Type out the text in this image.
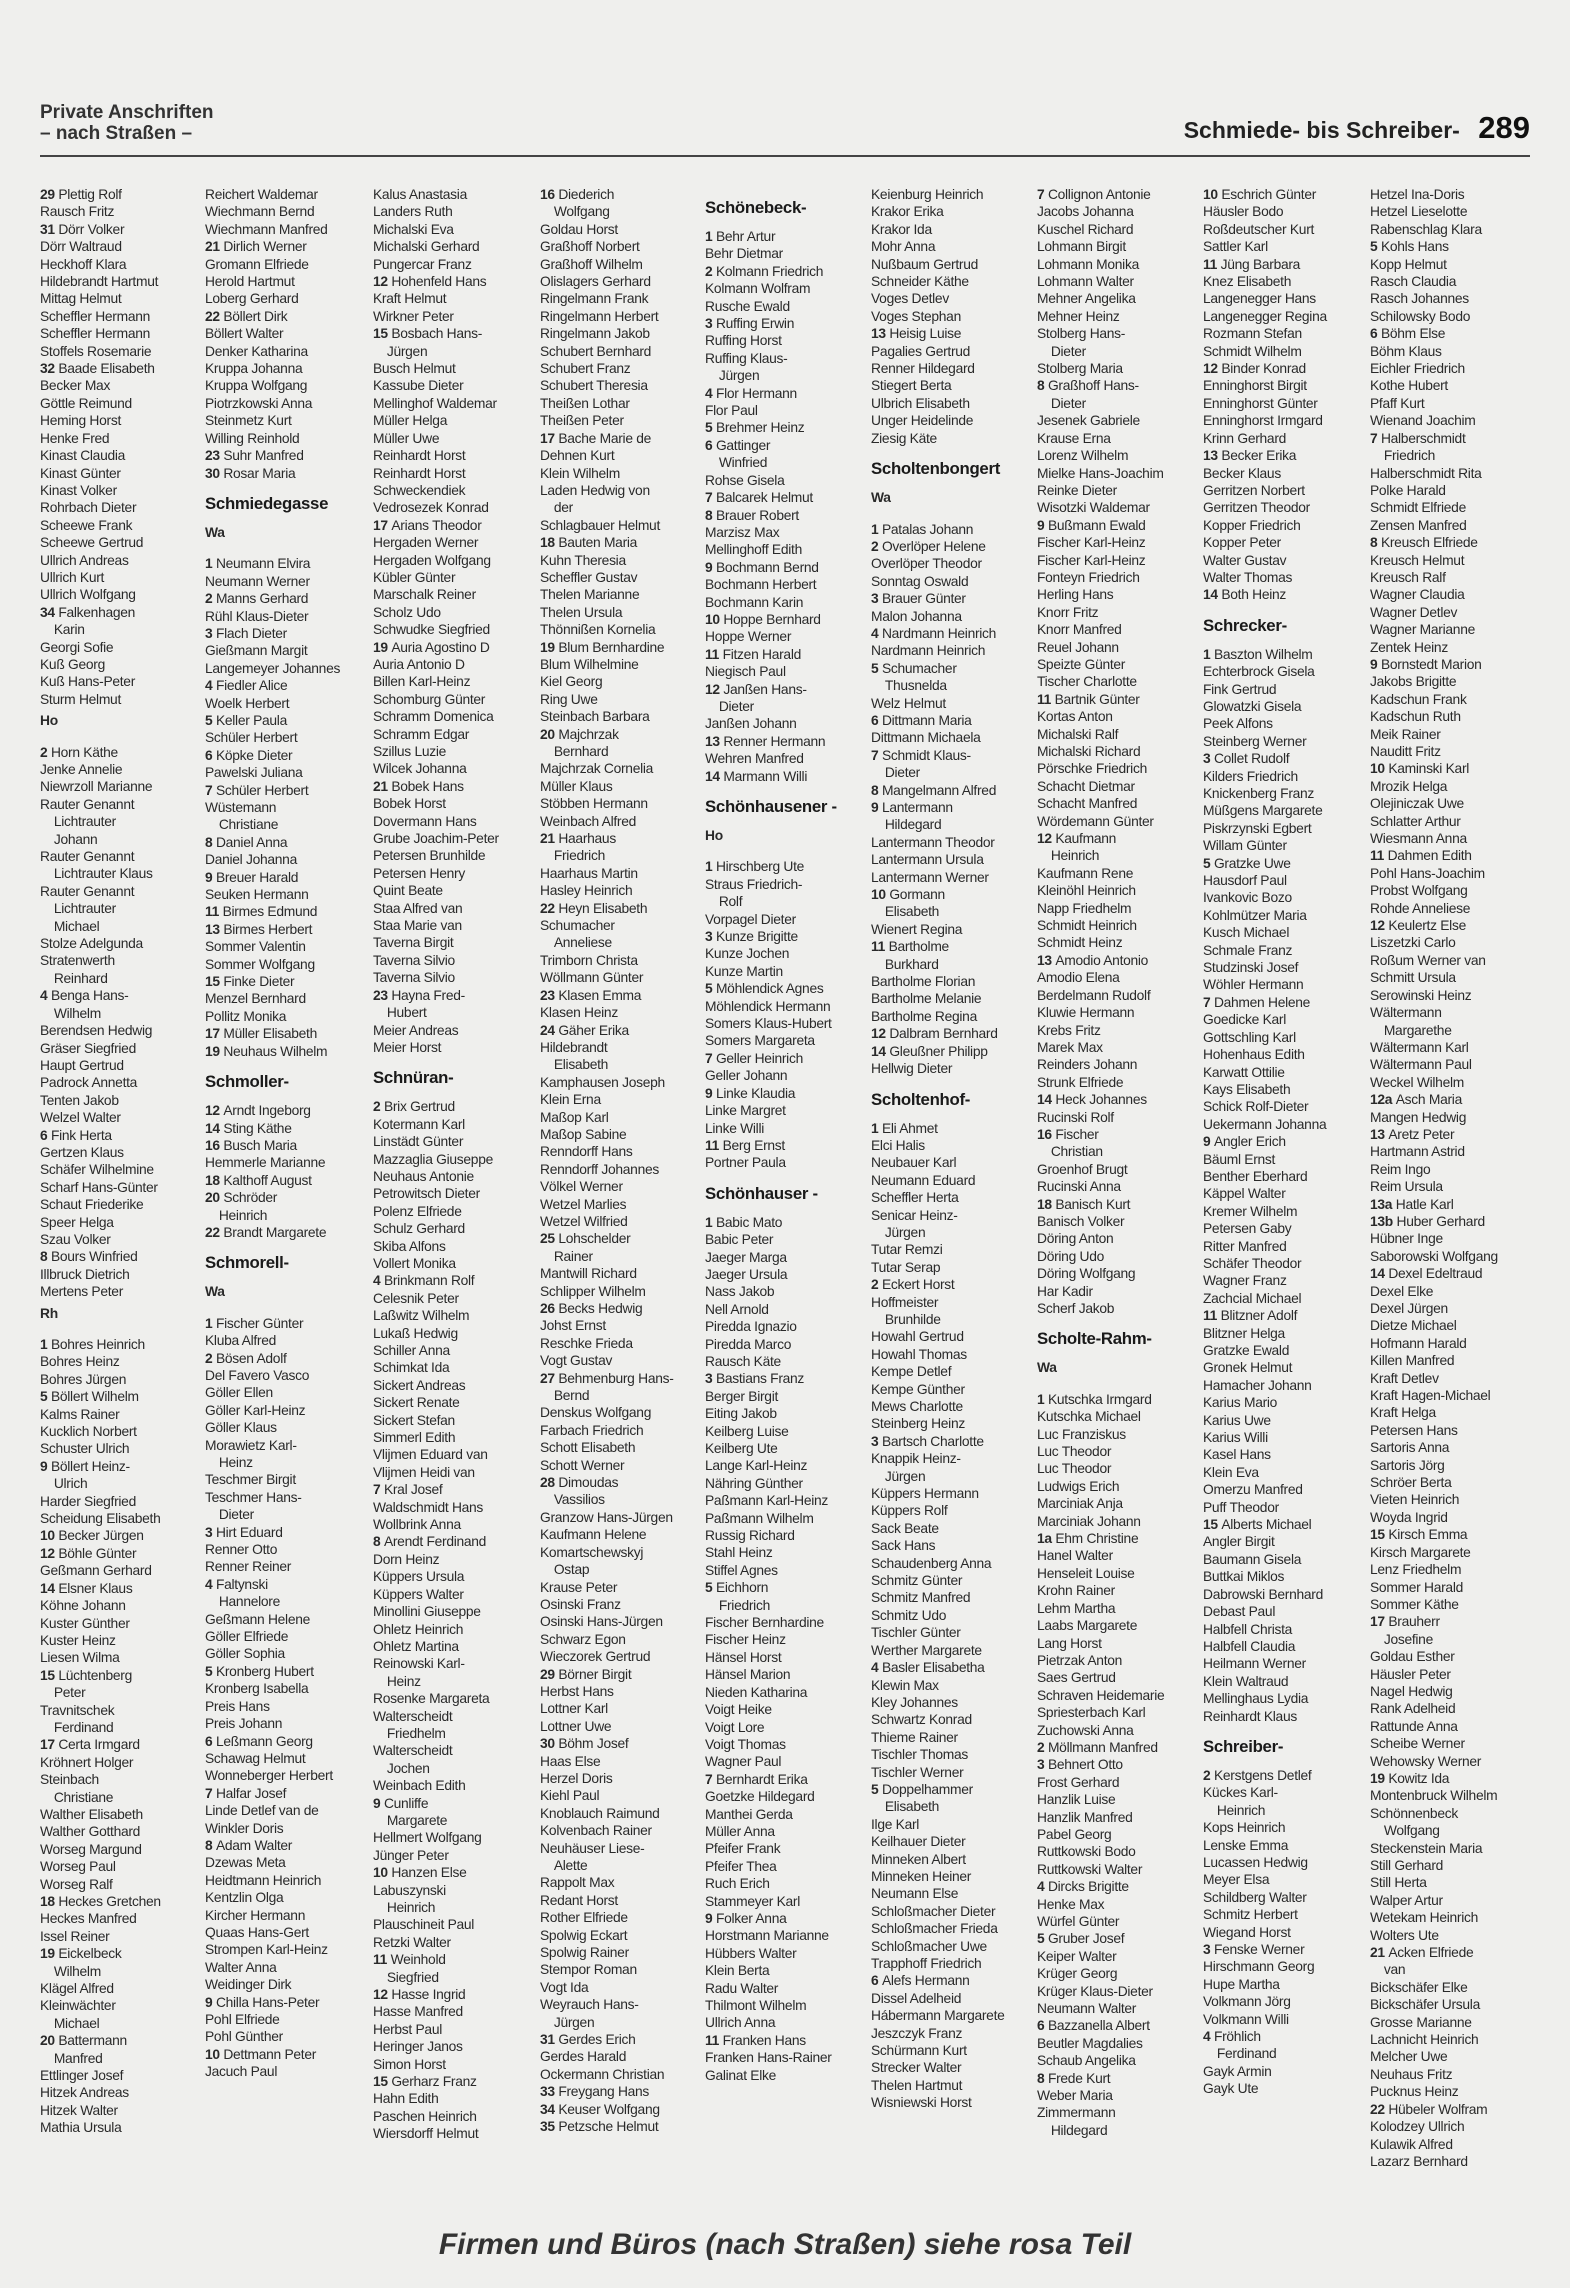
Private Anschriften
– nach Straßen –	Schmiede- bis Schreiber- 289
29 Plettig Rolf
Rausch Fritz
31 Dörr Volker
Dörr Waltraud
Heckhoff Klara
Hildebrandt Hartmut
Mittag Helmut
Scheffler Hermann
Scheffler Hermann
Stoffels Rosemarie
32 Baade Elisabeth
Becker Max
Göttle Reimund
Heming Horst
Henke Fred
Kinast Claudia
Kinast Günter
Kinast Volker
Rohrbach Dieter
Scheewe Frank
Scheewe Gertrud
Ullrich Andreas
Ullrich Kurt
Ullrich Wolfgang
34 Falkenhagen
Karin
Georgi Sofie
Kuß Georg
Kuß Hans-Peter
Sturm Helmut
Ho
2 Horn Käthe
Jenke Annelie
Niewrzoll Marianne
Rauter Genannt
Lichtrauter
Johann
Rauter Genannt
Lichtrauter Klaus
Rauter Genannt
Lichtrauter
Michael
Stolze Adelgunda
Stratenwerth
Reinhard
4 Benga Hans-
Wilhelm
Berendsen Hedwig
Gräser Siegfried
Haupt Gertrud
Padrock Annetta
Tenten Jakob
Welzel Walter
6 Fink Herta
Gertzen Klaus
Schäfer Wilhelmine
Scharf Hans-Günter
Schaut Friederike
Speer Helga
Szau Volker
8 Bours Winfried
Illbruck Dietrich
Mertens Peter
Rh
1 Bohres Heinrich
Bohres Heinz
Bohres Jürgen
5 Böllert Wilhelm
Kalms Rainer
Kucklich Norbert
Schuster Ulrich
9 Böllert Heinz-
Ulrich
Harder Siegfried
Scheidung Elisabeth
10 Becker Jürgen
12 Böhle Günter
Geßmann Gerhard
14 Elsner Klaus
Köhne Johann
Kuster Günther
Kuster Heinz
Liesen Wilma
15 Lüchtenberg
Peter
Travnitschek
Ferdinand
17 Certa Irmgard
Kröhnert Holger
Steinbach
Christiane
Walther Elisabeth
Walther Gotthard
Worseg Margund
Worseg Paul
Worseg Ralf
18 Heckes Gretchen
Heckes Manfred
Issel Reiner
19 Eickelbeck
Wilhelm
Klägel Alfred
Kleinwächter
Michael
20 Battermann
Manfred
Ettlinger Josef
Hitzek Andreas
Hitzek Walter
Mathia Ursula
Reichert Waldemar
Wiechmann Bernd
Wiechmann Manfred
21 Dirlich Werner
Gromann Elfriede
Herold Hartmut
Loberg Gerhard
22 Böllert Dirk
Böllert Walter
Denker Katharina
Kruppa Johanna
Kruppa Wolfgang
Piotrzkowski Anna
Steinmetz Kurt
Willing Reinhold
23 Suhr Manfred
30 Rosar Maria
Schmiedegasse
Wa
1 Neumann Elvira
Neumann Werner
2 Manns Gerhard
Rühl Klaus-Dieter
3 Flach Dieter
Gießmann Margit
Langemeyer Johannes
4 Fiedler Alice
Woelk Herbert
5 Keller Paula
Schüler Herbert
6 Köpke Dieter
Pawelski Juliana
7 Schüler Herbert
Wüstemann
Christiane
8 Daniel Anna
Daniel Johanna
9 Breuer Harald
Seuken Hermann
11 Birmes Edmund
13 Birmes Herbert
Sommer Valentin
Sommer Wolfgang
15 Finke Dieter
Menzel Bernhard
Pollitz Monika
17 Müller Elisabeth
19 Neuhaus Wilhelm
Schmoller-
12 Arndt Ingeborg
14 Sting Käthe
16 Busch Maria
Hemmerle Marianne
18 Kalthoff August
20 Schröder
Heinrich
22 Brandt Margarete
Schmorell-
Wa
1 Fischer Günter
Kluba Alfred
2 Bösen Adolf
Del Favero Vasco
Göller Ellen
Göller Karl-Heinz
Göller Klaus
Morawietz Karl-
Heinz
Teschmer Birgit
Teschmer Hans-
Dieter
3 Hirt Eduard
Renner Otto
Renner Reiner
4 Faltynski
Hannelore
Geßmann Helene
Göller Elfriede
Göller Sophia
5 Kronberg Hubert
Kronberg Isabella
Preis Hans
Preis Johann
6 Leßmann Georg
Schawag Helmut
Wonneberger Herbert
7 Halfar Josef
Linde Detlef van de
Winkler Doris
8 Adam Walter
Dzewas Meta
Heidtmann Heinrich
Kentzlin Olga
Kircher Hermann
Quaas Hans-Gert
Strompen Karl-Heinz
Walter Anna
Weidinger Dirk
9 Chilla Hans-Peter
Pohl Elfriede
Pohl Günther
10 Dettmann Peter
Jacuch Paul
Kalus Anastasia
Landers Ruth
Michalski Eva
Michalski Gerhard
Pungercar Franz
12 Hohenfeld Hans
Kraft Helmut
Wirkner Peter
15 Bosbach Hans-
Jürgen
Busch Helmut
Kassube Dieter
Mellinghof Waldemar
Müller Helga
Müller Uwe
Reinhardt Horst
Reinhardt Horst
Schweckendiek
Vedrosezek Konrad
17 Arians Theodor
Hergaden Werner
Hergaden Wolfgang
Kübler Günter
Marschalk Reiner
Scholz Udo
Schwudke Siegfried
19 Auria Agostino D
Auria Antonio D
Billen Karl-Heinz
Schomburg Günter
Schramm Domenica
Schramm Edgar
Szillus Luzie
Wilcek Johanna
21 Bobek Hans
Bobek Horst
Dovermann Hans
Grube Joachim-Peter
Petersen Brunhilde
Petersen Henry
Quint Beate
Staa Alfred van
Staa Marie van
Taverna Birgit
Taverna Silvio
Taverna Silvio
23 Hayna Fred-
Hubert
Meier Andreas
Meier Horst
Schnüran-
2 Brix Gertrud
Kotermann Karl
Linstädt Günter
Mazzaglia Giuseppe
Neuhaus Antonie
Petrowitsch Dieter
Polenz Elfriede
Schulz Gerhard
Skiba Alfons
Vollert Monika
4 Brinkmann Rolf
Celesnik Peter
Laßwitz Wilhelm
Lukaß Hedwig
Schiller Anna
Schimkat Ida
Sickert Andreas
Sickert Renate
Sickert Stefan
Simmerl Edith
Vlijmen Eduard van
Vlijmen Heidi van
7 Kral Josef
Waldschmidt Hans
Wollbrink Anna
8 Arendt Ferdinand
Dorn Heinz
Küppers Ursula
Küppers Walter
Minollini Giuseppe
Ohletz Heinrich
Ohletz Martina
Reinowski Karl-
Heinz
Rosenke Margareta
Walterscheidt
Friedhelm
Walterscheidt
Jochen
Weinbach Edith
9 Cunliffe
Margarete
Hellmert Wolfgang
Jünger Peter
10 Hanzen Else
Labuszynski
Heinrich
Plauschineit Paul
Retzki Walter
11 Weinhold
Siegfried
12 Hasse Ingrid
Hasse Manfred
Herbst Paul
Heringer Janos
Simon Horst
15 Gerharz Franz
Hahn Edith
Paschen Heinrich
Wiersdorff Helmut
16 Diederich
Wolfgang
Goldau Horst
Graßhoff Norbert
Graßhoff Wilhelm
Olislagers Gerhard
Ringelmann Frank
Ringelmann Herbert
Ringelmann Jakob
Schubert Bernhard
Schubert Franz
Schubert Theresia
Theißen Lothar
Theißen Peter
17 Bache Marie de
Dehnen Kurt
Klein Wilhelm
Laden Hedwig von
der
Schlagbauer Helmut
18 Bauten Maria
Kuhn Theresia
Scheffler Gustav
Thelen Marianne
Thelen Ursula
Thönnißen Kornelia
19 Blum Bernhardine
Blum Wilhelmine
Kiel Georg
Ring Uwe
Steinbach Barbara
20 Majchrzak
Bernhard
Majchrzak Cornelia
Müller Klaus
Stöbben Hermann
Weinbach Alfred
21 Haarhaus
Friedrich
Haarhaus Martin
Hasley Heinrich
22 Heyn Elisabeth
Schumacher
Anneliese
Trimborn Christa
Wöllmann Günter
23 Klasen Emma
Klasen Heinz
24 Gäher Erika
Hildebrandt
Elisabeth
Kamphausen Joseph
Klein Erna
Maßop Karl
Maßop Sabine
Renndorff Hans
Renndorff Johannes
Völkel Werner
Wetzel Marlies
Wetzel Wilfried
25 Lohschelder
Rainer
Mantwill Richard
Schlipper Wilhelm
26 Becks Hedwig
Johst Ernst
Reschke Frieda
Vogt Gustav
27 Behmenburg Hans-
Bernd
Denskus Wolfgang
Farbach Friedrich
Schott Elisabeth
Schott Werner
28 Dimoudas
Vassilios
Granzow Hans-Jürgen
Kaufmann Helene
Komartschewskyj
Ostap
Krause Peter
Osinski Franz
Osinski Hans-Jürgen
Schwarz Egon
Wieczorek Gertrud
29 Börner Birgit
Herbst Hans
Lottner Karl
Lottner Uwe
30 Böhm Josef
Haas Else
Herzel Doris
Kiehl Paul
Knoblauch Raimund
Kolvenbach Rainer
Neuhäuser Liese-
Alette
Rappolt Max
Redant Horst
Rother Elfriede
Spolwig Eckart
Spolwig Rainer
Stempor Roman
Vogt Ida
Weyrauch Hans-
Jürgen
31 Gerdes Erich
Gerdes Harald
Ockermann Christian
33 Freygang Hans
34 Keuser Wolfgang
35 Petzsche Helmut
Schönebeck-
1 Behr Artur
Behr Dietmar
2 Kolmann Friedrich
Kolmann Wolfram
Rusche Ewald
3 Ruffing Erwin
Ruffing Horst
Ruffing Klaus-
Jürgen
4 Flor Hermann
Flor Paul
5 Brehmer Heinz
6 Gattinger
Winfried
Rohse Gisela
7 Balcarek Helmut
8 Brauer Robert
Marzisz Max
Mellinghoff Edith
9 Bochmann Bernd
Bochmann Herbert
Bochmann Karin
10 Hoppe Bernhard
Hoppe Werner
11 Fitzen Harald
Niegisch Paul
12 Janßen Hans-
Dieter
Janßen Johann
13 Renner Hermann
Wehren Manfred
14 Marmann Willi
Schönhausener -
Ho
1 Hirschberg Ute
Straus Friedrich-
Rolf
Vorpagel Dieter
3 Kunze Brigitte
Kunze Jochen
Kunze Martin
5 Möhlendick Agnes
Möhlendick Hermann
Somers Klaus-Hubert
Somers Margareta
7 Geller Heinrich
Geller Johann
9 Linke Klaudia
Linke Margret
Linke Willi
11 Berg Ernst
Portner Paula
Schönhauser -
1 Babic Mato
Babic Peter
Jaeger Marga
Jaeger Ursula
Nass Jakob
Nell Arnold
Piredda Ignazio
Piredda Marco
Rausch Käte
3 Bastians Franz
Berger Birgit
Eiting Jakob
Keilberg Luise
Keilberg Ute
Lange Karl-Heinz
Nähring Günther
Paßmann Karl-Heinz
Paßmann Wilhelm
Russig Richard
Stahl Heinz
Stiffel Agnes
5 Eichhorn
Friedrich
Fischer Bernhardine
Fischer Heinz
Hänsel Horst
Hänsel Marion
Nieden Katharina
Voigt Heike
Voigt Lore
Voigt Thomas
Wagner Paul
7 Bernhardt Erika
Goetzke Hildegard
Manthei Gerda
Müller Anna
Pfeifer Frank
Pfeifer Thea
Ruch Erich
Stammeyer Karl
9 Folker Anna
Horstmann Marianne
Hübbers Walter
Klein Berta
Radu Walter
Thilmont Wilhelm
Ullrich Anna
11 Franken Hans
Franken Hans-Rainer
Galinat Elke
Keienburg Heinrich
Krakor Erika
Krakor Ida
Mohr Anna
Nußbaum Gertrud
Schneider Käthe
Voges Detlev
Voges Stephan
13 Heisig Luise
Pagalies Gertrud
Renner Hildegard
Stiegert Berta
Ulbrich Elisabeth
Unger Heidelinde
Ziesig Käte
Scholtenbongert
Wa
1 Patalas Johann
2 Overlöper Helene
Overlöper Theodor
Sonntag Oswald
3 Brauer Günter
Malon Johanna
4 Nardmann Heinrich
Nardmann Heinrich
5 Schumacher
Thusnelda
Welz Helmut
6 Dittmann Maria
Dittmann Michaela
7 Schmidt Klaus-
Dieter
8 Mangelmann Alfred
9 Lantermann
Hildegard
Lantermann Theodor
Lantermann Ursula
Lantermann Werner
10 Gormann
Elisabeth
Wienert Regina
11 Bartholme
Burkhard
Bartholme Florian
Bartholme Melanie
Bartholme Regina
12 Dalbram Bernhard
14 Gleußner Philipp
Hellwig Dieter
Scholtenhof-
1 Eli Ahmet
Elci Halis
Neubauer Karl
Neumann Eduard
Scheffler Herta
Senicar Heinz-
Jürgen
Tutar Remzi
Tutar Serap
2 Eckert Horst
Hoffmeister
Brunhilde
Howahl Gertrud
Howahl Thomas
Kempe Detlef
Kempe Günther
Mews Charlotte
Steinberg Heinz
3 Bartsch Charlotte
Knappik Heinz-
Jürgen
Küppers Hermann
Küppers Rolf
Sack Beate
Sack Hans
Schaudenberg Anna
Schmitz Günter
Schmitz Manfred
Schmitz Udo
Tischler Günter
Werther Margarete
4 Basler Elisabetha
Klewin Max
Kley Johannes
Schwartz Konrad
Thieme Rainer
Tischler Thomas
Tischler Werner
5 Doppelhammer
Elisabeth
Ilge Karl
Keilhauer Dieter
Minneken Albert
Minneken Heiner
Neumann Else
Schloßmacher Dieter
Schloßmacher Frieda
Schloßmacher Uwe
Trapphoff Friedrich
6 Alefs Hermann
Dissel Adelheid
Hábermann Margarete
Jeszczyk Franz
Schürmann Kurt
Strecker Walter
Thelen Hartmut
Wisniewski Horst
7 Collignon Antonie
Jacobs Johanna
Kuschel Richard
Lohmann Birgit
Lohmann Monika
Lohmann Walter
Mehner Angelika
Mehner Heinz
Stolberg Hans-
Dieter
Stolberg Maria
8 Graßhoff Hans-
Dieter
Jesenek Gabriele
Krause Erna
Lorenz Wilhelm
Mielke Hans-Joachim
Reinke Dieter
Wisotzki Waldemar
9 Bußmann Ewald
Fischer Karl-Heinz
Fischer Karl-Heinz
Fonteyn Friedrich
Herling Hans
Knorr Fritz
Knorr Manfred
Reuel Johann
Speizte Günter
Tischer Charlotte
11 Bartnik Günter
Kortas Anton
Michalski Ralf
Michalski Richard
Pörschke Friedrich
Schacht Dietmar
Schacht Manfred
Wördemann Günter
12 Kaufmann
Heinrich
Kaufmann Rene
Kleinöhl Heinrich
Napp Friedhelm
Schmidt Heinrich
Schmidt Heinz
13 Amodio Antonio
Amodio Elena
Berdelmann Rudolf
Kluwie Hermann
Krebs Fritz
Marek Max
Reinders Johann
Strunk Elfriede
14 Heck Johannes
Rucinski Rolf
16 Fischer
Christian
Groenhof Brugt
Rucinski Anna
18 Banisch Kurt
Banisch Volker
Döring Anton
Döring Udo
Döring Wolfgang
Har Kadir
Scherf Jakob
Scholte-Rahm-
Wa
1 Kutschka Irmgard
Kutschka Michael
Luc Franziskus
Luc Theodor
Luc Theodor
Ludwigs Erich
Marciniak Anja
Marciniak Johann
1a Ehm Christine
Hanel Walter
Henseleit Louise
Krohn Rainer
Lehm Martha
Laabs Margarete
Lang Horst
Pietrzak Anton
Saes Gertrud
Schraven Heidemarie
Spriesterbach Karl
Zuchowski Anna
2 Möllmann Manfred
3 Behnert Otto
Frost Gerhard
Hanzlik Luise
Hanzlik Manfred
Pabel Georg
Ruttkowski Bodo
Ruttkowski Walter
4 Dircks Brigitte
Henke Max
Würfel Günter
5 Gruber Josef
Keiper Walter
Krüger Georg
Krüger Klaus-Dieter
Neumann Walter
6 Bazzanella Albert
Beutler Magdalies
Schaub Angelika
8 Frede Kurt
Weber Maria
Zimmermann
Hildegard
10 Eschrich Günter
Häusler Bodo
Roßdeutscher Kurt
Sattler Karl
11 Jüng Barbara
Knez Elisabeth
Langenegger Hans
Langenegger Regina
Rozmann Stefan
Schmidt Wilhelm
12 Binder Konrad
Enninghorst Birgit
Enninghorst Günter
Enninghorst Irmgard
Krinn Gerhard
13 Becker Erika
Becker Klaus
Gerritzen Norbert
Gerritzen Theodor
Kopper Friedrich
Kopper Peter
Walter Gustav
Walter Thomas
14 Both Heinz
Schrecker-
1 Baszton Wilhelm
Echterbrock Gisela
Fink Gertrud
Glowatzki Gisela
Peek Alfons
Steinberg Werner
3 Collet Rudolf
Kilders Friedrich
Knickenberg Franz
Müßgens Margarete
Piskrzynski Egbert
Willam Günter
5 Gratzke Uwe
Hausdorf Paul
Ivankovic Bozo
Kohlmützer Maria
Kusch Michael
Schmale Franz
Studzinski Josef
Wöhler Hermann
7 Dahmen Helene
Goedicke Karl
Gottschling Karl
Hohenhaus Edith
Karwatt Ottilie
Kays Elisabeth
Schick Rolf-Dieter
Uekermann Johanna
9 Angler Erich
Bäuml Ernst
Benther Eberhard
Käppel Walter
Kremer Wilhelm
Petersen Gaby
Ritter Manfred
Schäfer Theodor
Wagner Franz
Zachcial Michael
11 Blitzner Adolf
Blitzner Helga
Gratzke Ewald
Gronek Helmut
Hamacher Johann
Karius Mario
Karius Uwe
Karius Willi
Kasel Hans
Klein Eva
Omerzu Manfred
Puff Theodor
15 Alberts Michael
Angler Birgit
Baumann Gisela
Buttkai Miklos
Dabrowski Bernhard
Debast Paul
Halbfell Christa
Halbfell Claudia
Heilmann Werner
Klein Waltraud
Mellinghaus Lydia
Reinhardt Klaus
Schreiber-
2 Kerstgens Detlef
Kückes Karl-
Heinrich
Kops Heinrich
Lenske Emma
Lucassen Hedwig
Meyer Elsa
Schildberg Walter
Schmitz Herbert
Wiegand Horst
3 Fenske Werner
Hirschmann Georg
Hupe Martha
Volkmann Jörg
Volkmann Willi
4 Fröhlich
Ferdinand
Gayk Armin
Gayk Ute
Hetzel Ina-Doris
Hetzel Lieselotte
Rabenschlag Klara
5 Kohls Hans
Kopp Helmut
Rasch Claudia
Rasch Johannes
Schilowsky Bodo
6 Böhm Else
Böhm Klaus
Eichler Friedrich
Kothe Hubert
Pfaff Kurt
Wienand Joachim
7 Halberschmidt
Friedrich
Halberschmidt Rita
Polke Harald
Schmidt Elfriede
Zensen Manfred
8 Kreusch Elfriede
Kreusch Helmut
Kreusch Ralf
Wagner Claudia
Wagner Detlev
Wagner Marianne
Zentek Heinz
9 Bornstedt Marion
Jakobs Brigitte
Kadschun Frank
Kadschun Ruth
Meik Rainer
Nauditt Fritz
10 Kaminski Karl
Mrozik Helga
Olejiniczak Uwe
Schlatter Arthur
Wiesmann Anna
11 Dahmen Edith
Pohl Hans-Joachim
Probst Wolfgang
Rohde Anneliese
12 Keulertz Else
Liszetzki Carlo
Roßum Werner van
Schmitt Ursula
Serowinski Heinz
Wältermann
Margarethe
Wältermann Karl
Wältermann Paul
Weckel Wilhelm
12a Asch Maria
Mangen Hedwig
13 Aretz Peter
Hartmann Astrid
Reim Ingo
Reim Ursula
13a Hatle Karl
13b Huber Gerhard
Hübner Inge
Saborowski Wolfgang
14 Dexel Edeltraud
Dexel Elke
Dexel Jürgen
Dietze Michael
Hofmann Harald
Killen Manfred
Kraft Detlev
Kraft Hagen-Michael
Kraft Helga
Petersen Hans
Sartoris Anna
Sartoris Jörg
Schröer Berta
Vieten Heinrich
Woyda Ingrid
15 Kirsch Emma
Kirsch Margarete
Lenz Friedhelm
Sommer Harald
Sommer Käthe
17 Brauherr
Josefine
Goldau Esther
Häusler Peter
Nagel Hedwig
Rank Adelheid
Rattunde Anna
Scheibe Werner
Wehowsky Werner
19 Kowitz Ida
Montenbruck Wilhelm
Schönnenbeck
Wolfgang
Steckenstein Maria
Still Gerhard
Still Herta
Walper Artur
Wetekam Heinrich
Wolters Ute
21 Acken Elfriede
van
Bickschäfer Elke
Bickschäfer Ursula
Grosse Marianne
Lachnicht Heinrich
Melcher Uwe
Neuhaus Fritz
Pucknus Heinz
22 Hübeler Wolfram
Kolodzey Ullrich
Kulawik Alfred
Lazarz Bernhard
Firmen und Büros (nach Straßen) siehe rosa Teil
